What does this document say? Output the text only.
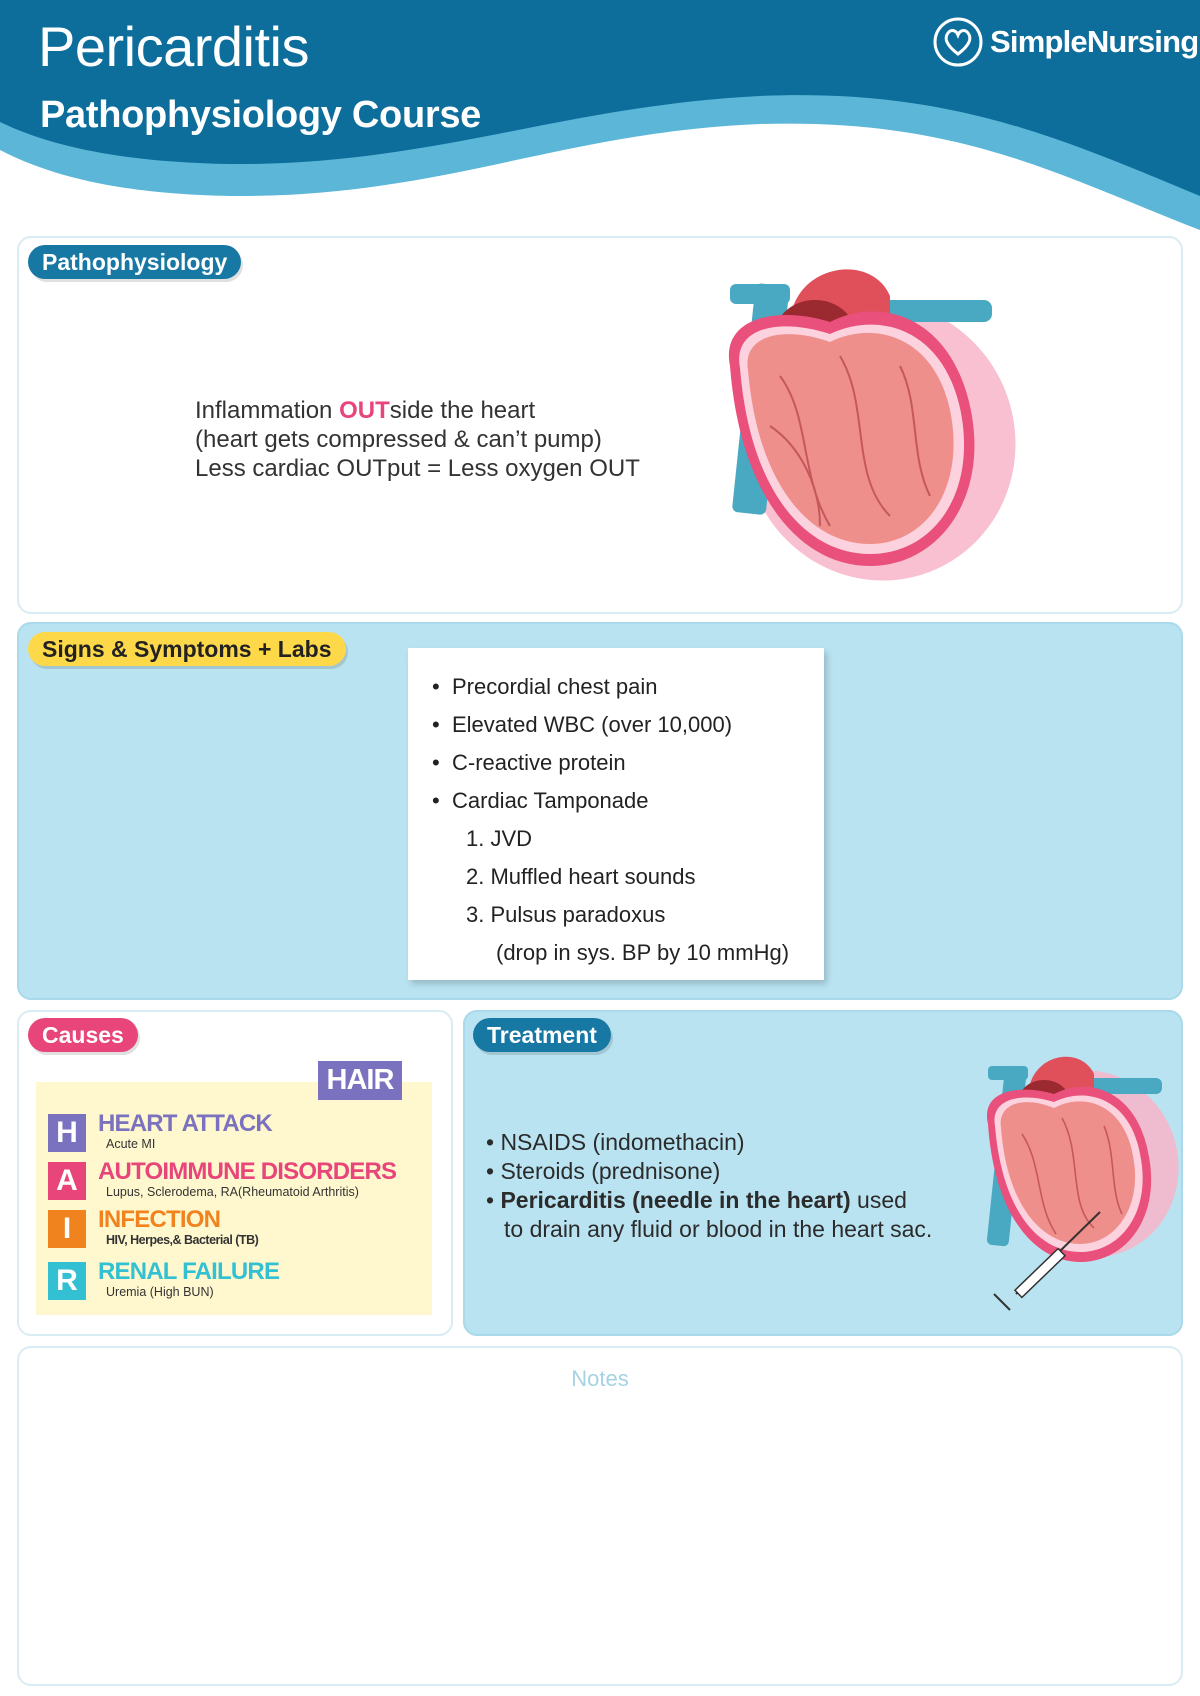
Pericarditis
Pathophysiology Course
SimpleNursing
Pathophysiology
Inflammation OUTside the heart
(heart gets compressed & can’t pump)
Less cardiac OUTput = Less oxygen OUT
Signs & Symptoms + Labs
• Precordial chest pain
• Elevated WBC (over 10,000)
• C-reactive protein
• Cardiac Tamponade
1. JVD
2. Muffled heart sounds
3. Pulsus paradoxus
(drop in sys. BP by 10 mmHg)
Causes
HAIR
H HEART ATTACK
Acute MI
A AUTOIMMUNE DISORDERS
Lupus, Sclerodema, RA(Rheumatoid Arthritis)
I	INFECTION
HIV, Herpes,& Bacterial (TB)
R RENAL FAILURE
Uremia (High BUN)
Treatment
• NSAIDS (indomethacin)
• Steroids (prednisone)
• Pericarditis (needle in the heart) used
to drain any fluid or blood in the heart sac.
Notes
